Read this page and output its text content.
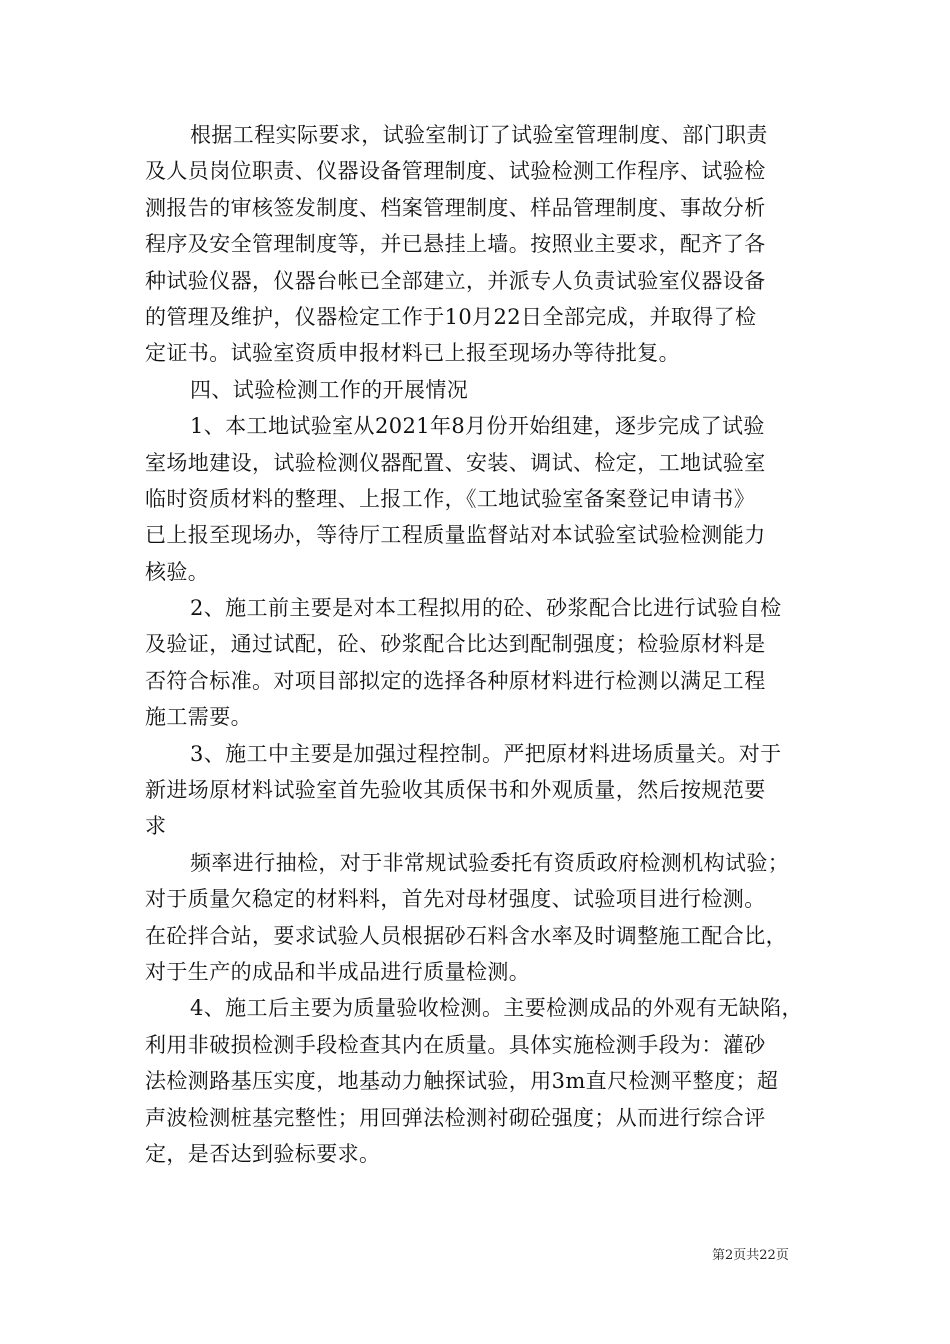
根据工程实际要求，试验室制订了试验室管理制度、部门职责
及人员岗位职责、仪器设备管理制度、试验检测工作程序、试验检
测报告的审核签发制度、档案管理制度、样品管理制度、事故分析
程序及安全管理制度等，并已悬挂上墙。按照业主要求，配齐了各
种试验仪器，仪器台帐已全部建立，并派专人负责试验室仪器设备
的管理及维护，仪器检定工作于10月22日全部完成，并取得了检
定证书。试验室资质申报材料已上报至现场办等待批复。
四、试验检测工作的开展情况
1、本工地试验室从2021年8月份开始组建，逐步完成了试验
室场地建设，试验检测仪器配置、安装、调试、检定，工地试验室
临时资质材料的整理、上报工作，《工地试验室备案登记申请书》
已上报至现场办，等待厅工程质量监督站对本试验室试验检测能力
核验。
2、施工前主要是对本工程拟用的砼、砂浆配合比进行试验自检
及验证，通过试配，砼、砂浆配合比达到配制强度；检验原材料是
否符合标准。对项目部拟定的选择各种原材料进行检测以满足工程
施工需要。
3、施工中主要是加强过程控制。严把原材料进场质量关。对于
新进场原材料试验室首先验收其质保书和外观质量，然后按规范要
求
频率进行抽检，对于非常规试验委托有资质政府检测机构试验；
对于质量欠稳定的材料料，首先对母材强度、试验项目进行检测。
在砼拌合站，要求试验人员根据砂石料含水率及时调整施工配合比，
对于生产的成品和半成品进行质量检测。
4、施工后主要为质量验收检测。主要检测成品的外观有无缺陷，
利用非破损检测手段检查其内在质量。具体实施检测手段为：灌砂
法检测路基压实度，地基动力触探试验，用3m直尺检测平整度；超
声波检测桩基完整性；用回弹法检测衬砌砼强度；从而进行综合评
定，是否达到验标要求。
第2页共22页
